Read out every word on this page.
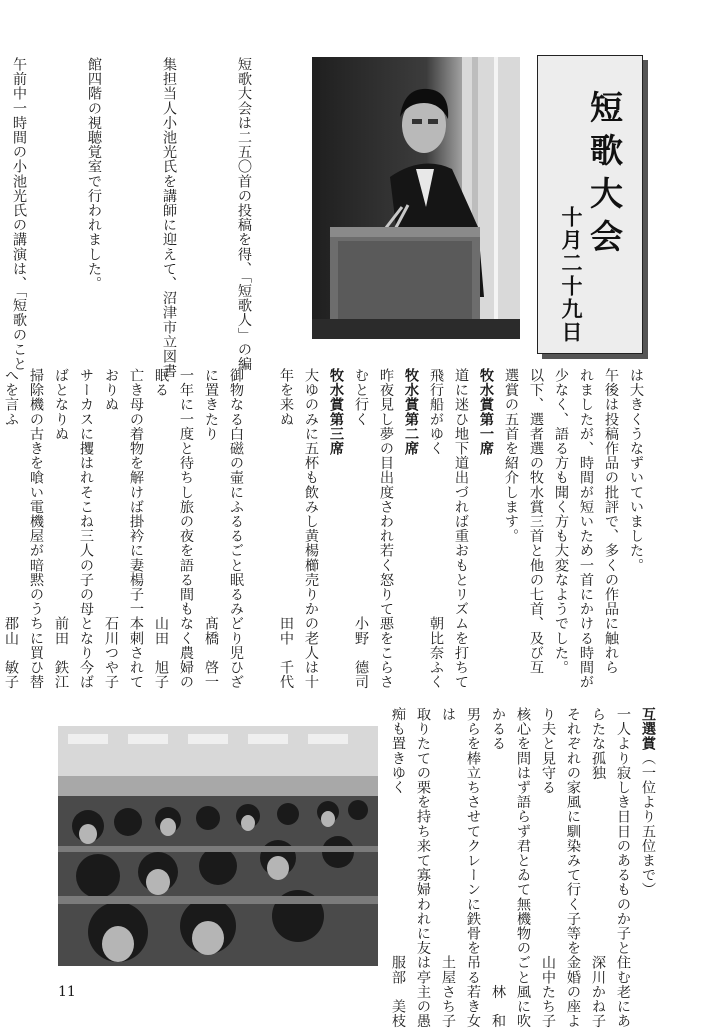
短歌大会
十月二十九日

短歌大会は二五〇首の投稿を得、「短歌人」の編

集担当人小池光氏を講師に迎えて、沼津市立図書

館四階の視聴覚室で行われました。

午前中一時間の小池光氏の講演は、「短歌のこと

は大きくうなずいていました。
午後は投稿作品の批評で、多くの作品に触れら
れましたが、時間が短いため一首にかける時間が
少なく、語る方も聞く方も大変なようでした。
以下、選者選の牧水賞三首と他の七首、及び互
選賞の五首を紹介します。
牧水賞第一席
道に迷ひ地下道出づれば重おもとリズムを打ちて
飛行船がゆく　　　　　　　　　　　朝比奈ふく
牧水賞第二席
昨夜見し夢の目出度さわれ若く怒りて悪をこらさ
むと行く　　　　　　　　　　　　　小野　德司
牧水賞第三席
大ゆのみに五杯も飲みし黄楊櫛売りかの老人は十
年を来ぬ　　　　　　　　　　　　　田中　千代
御物なる白磁の壷にふるるごと眠るみどり児ひざ
に置きたり　　　　　　　　　　　　髙橋　啓一
一年に一度と待ちし旅の夜を語る間もなく農婦の
眠る　　　　　　　　　　　　　　　山田　旭子
亡き母の着物を解けば掛衿に妻楊子一本刺されて
おりぬ　　　　　　　　　　　　　　石川つや子
サーカスに攫はれそこね三人の子の母となり今ば
ばとなりぬ　　　　　　　　　　　　前田　鉄江
掃除機の古きを喰い電機屋が暗黙のうちに買ひ替
へを言ふ　　　　　　　　　　　　　郡山　敏子
互選賞（一位より五位まで）
一人より寂しき日日のあるものか子と住む老にあ
らたな孤独　　　　　　　　　　　　深川かね子
それぞれの家風に馴染みて行く子等を金婚の座よ
り夫と見守る　　　　　　　　　　　山中たち子
核心を問はず語らず君とゐて無機物のごと風に吹
かるる　　　　　　　　　　　　　　　　林　和
男らを棒立ちさせてクレーンに鉄骨を吊る若き女
は　　　　　　　　　　　　　　　　土屋さち子
取りたての栗を持ち来て寡婦われに友は亭主の愚
痴も置きゆく　　　　　　　　　　　服部　美枝
11
